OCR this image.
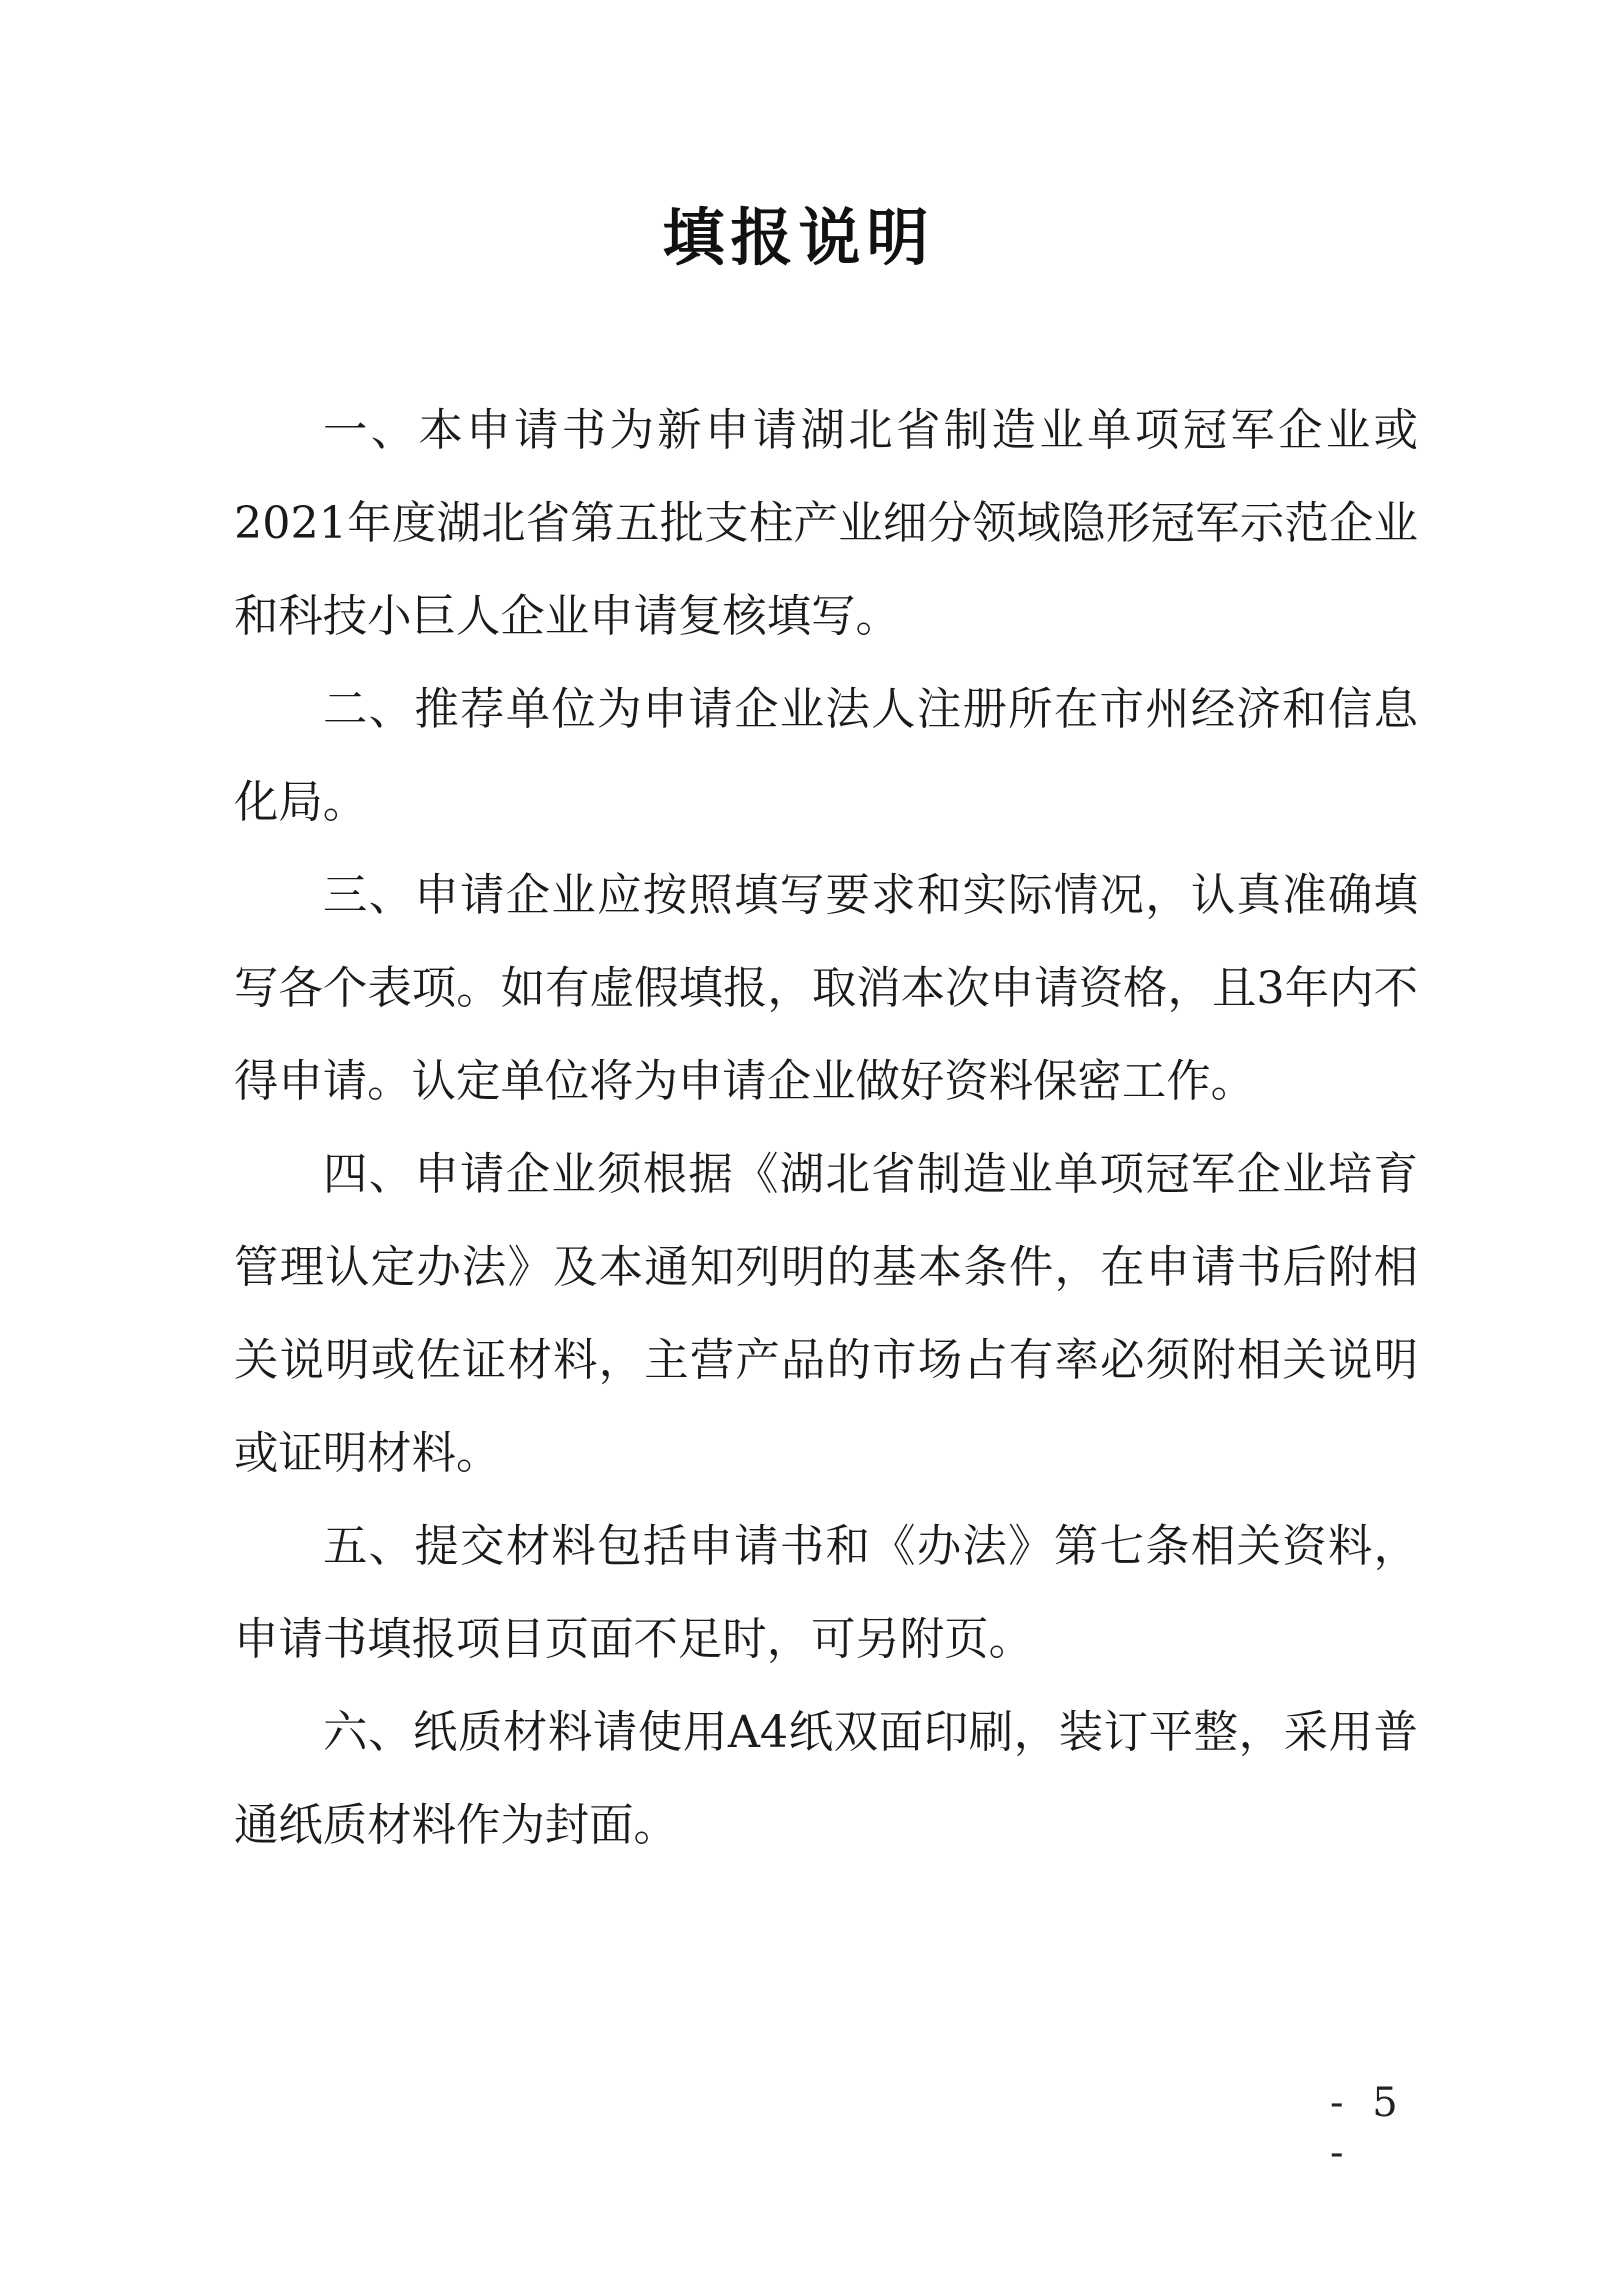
填报说明

一、本申请书为新申请湖北省制造业单项冠军企业或2021年度湖北省第五批支柱产业细分领域隐形冠军示范企业和科技小巨人企业申请复核填写。

二、推荐单位为申请企业法人注册所在市州经济和信息化局。

三、申请企业应按照填写要求和实际情况，认真准确填写各个表项。如有虚假填报，取消本次申请资格，且3年内不得申请。认定单位将为申请企业做好资料保密工作。

四、申请企业须根据《湖北省制造业单项冠军企业培育管理认定办法》及本通知列明的基本条件，在申请书后附相关说明或佐证材料，主营产品的市场占有率必须附相关说明或证明材料。

五、提交材料包括申请书和《办法》第七条相关资料，申请书填报项目页面不足时，可另附页。

六、纸质材料请使用A4纸双面印刷，装订平整，采用普通纸质材料作为封面。

- 5 -
